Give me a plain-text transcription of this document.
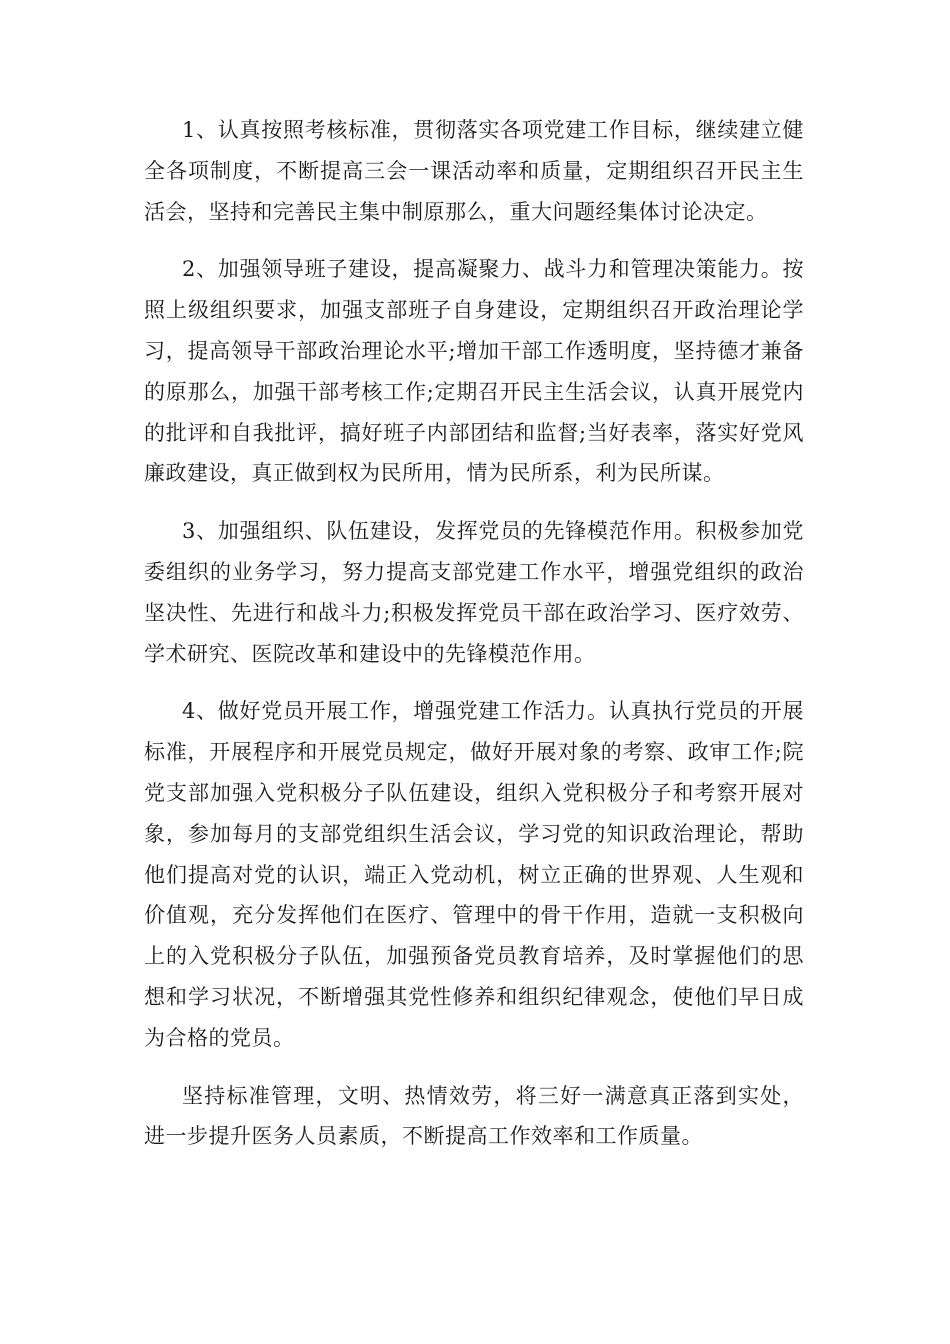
1、认真按照考核标准，贯彻落实各项党建工作目标，继续建立健全各项制度，不断提高三会一课活动率和质量，定期组织召开民主生活会，坚持和完善民主集中制原那么，重大问题经集体讨论决定。

2、加强领导班子建设，提高凝聚力、战斗力和管理决策能力。按照上级组织要求，加强支部班子自身建设，定期组织召开政治理论学习，提高领导干部政治理论水平;增加干部工作透明度，坚持德才兼备的原那么，加强干部考核工作;定期召开民主生活会议，认真开展党内的批评和自我批评，搞好班子内部团结和监督;当好表率，落实好党风廉政建设，真正做到权为民所用，情为民所系，利为民所谋。

3、加强组织、队伍建设，发挥党员的先锋模范作用。积极参加党委组织的业务学习，努力提高支部党建工作水平，增强党组织的政治坚决性、先进行和战斗力;积极发挥党员干部在政治学习、医疗效劳、学术研究、医院改革和建设中的先锋模范作用。

4、做好党员开展工作，增强党建工作活力。认真执行党员的开展标准，开展程序和开展党员规定，做好开展对象的考察、政审工作;院党支部加强入党积极分子队伍建设，组织入党积极分子和考察开展对象，参加每月的支部党组织生活会议，学习党的知识政治理论，帮助他们提高对党的认识，端正入党动机，树立正确的世界观、人生观和价值观，充分发挥他们在医疗、管理中的骨干作用，造就一支积极向上的入党积极分子队伍，加强预备党员教育培养，及时掌握他们的思想和学习状况，不断增强其党性修养和组织纪律观念，使他们早日成为合格的党员。

坚持标准管理，文明、热情效劳，将三好一满意真正落到实处，进一步提升医务人员素质，不断提高工作效率和工作质量。
